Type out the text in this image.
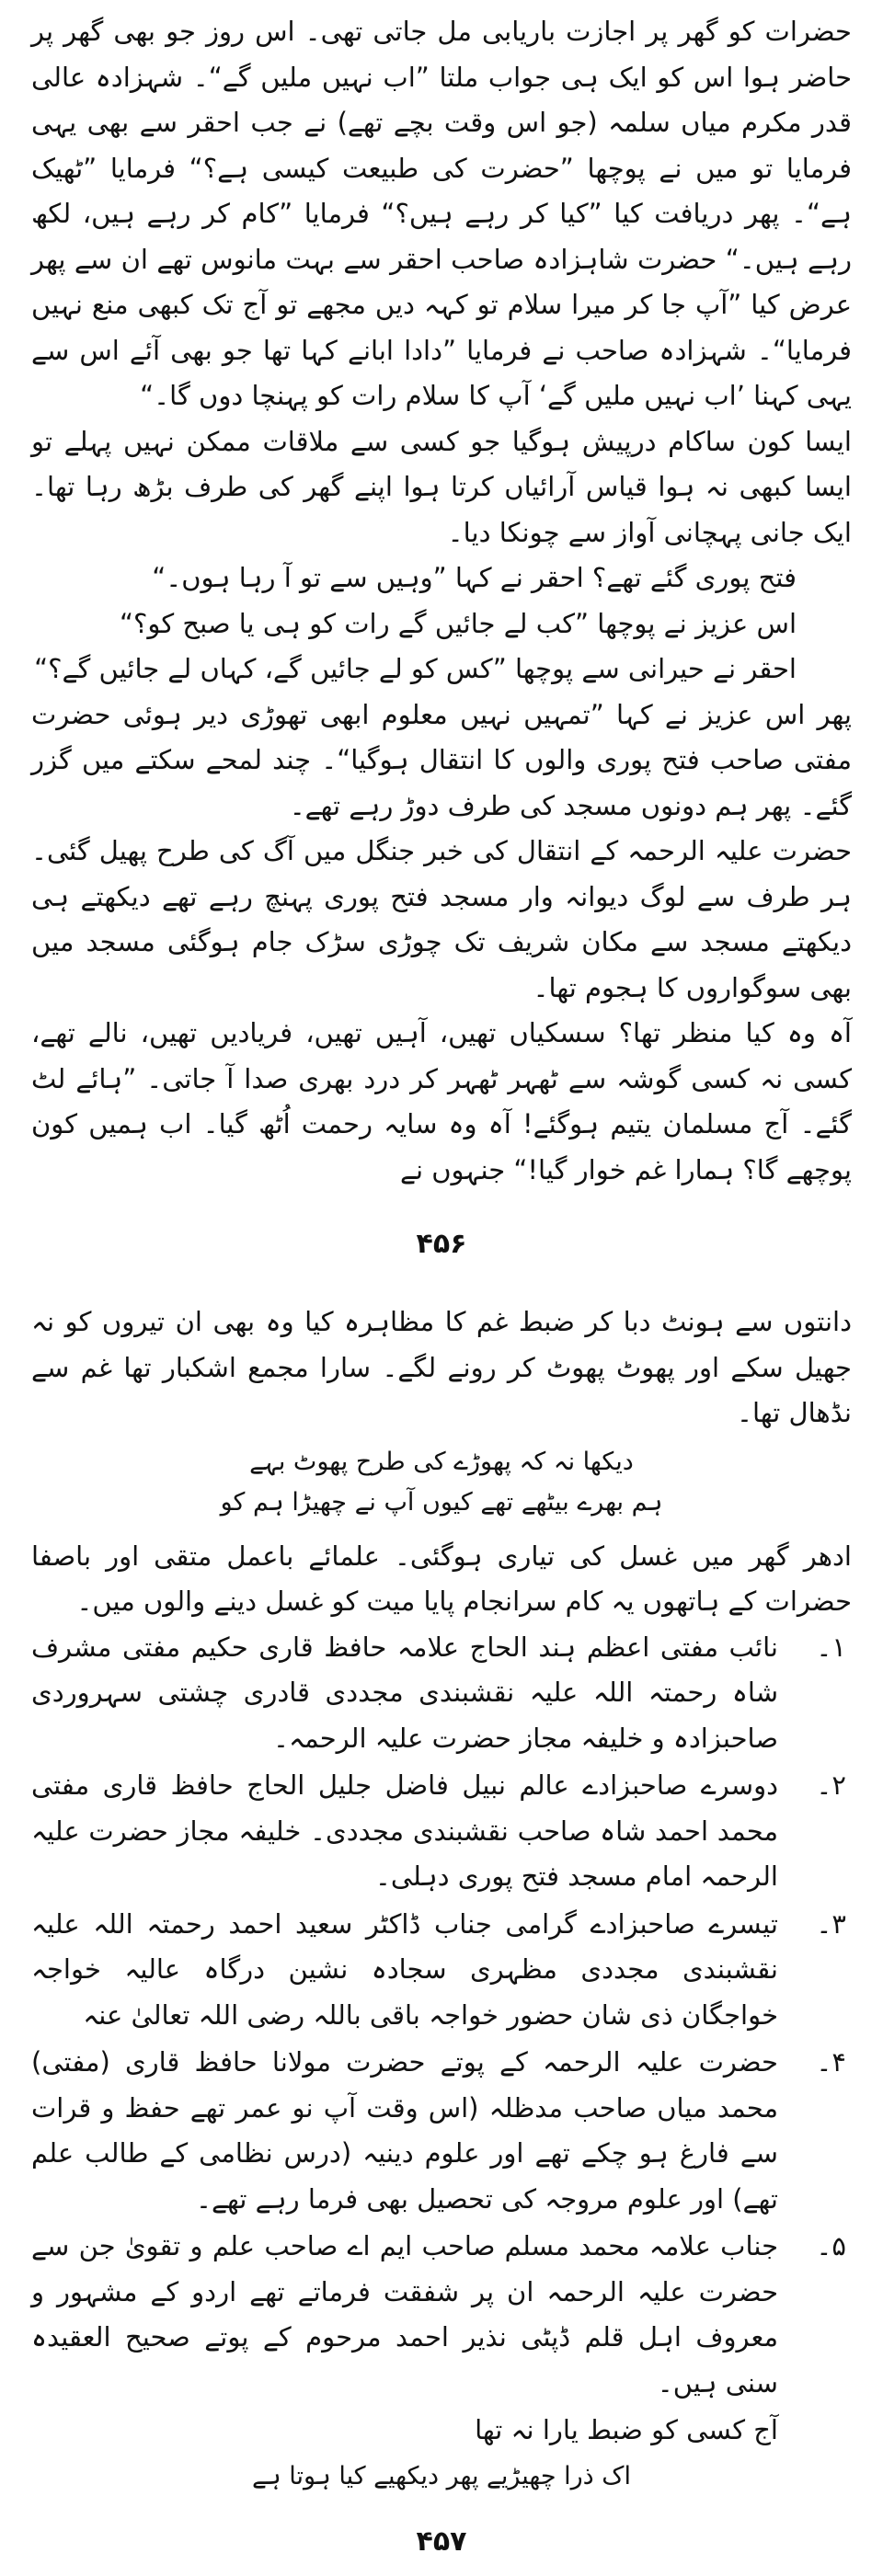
حضرات کو گھر پر اجازت باریابی مل جاتی تھی۔ اس روز جو بھی گھر پر حاضر ہوا اس کو ایک ہی جواب ملتا ”اب نہیں ملیں گے“۔ شہزادہ عالی قدر مکرم میاں سلمہ (جو اس وقت بچے تھے) نے جب احقر سے بھی یہی فرمایا تو میں نے پوچھا ”حضرت کی طبیعت کیسی ہے؟“ فرمایا ”ٹھیک ہے“۔ پھر دریافت کیا ”کیا کر رہے ہیں؟“ فرمایا ”کام کر رہے ہیں، لکھ رہے ہیں۔“ حضرت شاہزادہ صاحب احقر سے بہت مانوس تھے ان سے پھر عرض کیا ”آپ جا کر میرا سلام تو کہہ دیں مجھے تو آج تک کبھی منع نہیں فرمایا“۔ شہزادہ صاحب نے فرمایا ”دادا ابانے کہا تھا جو بھی آئے اس سے یہی کہنا ’اب نہیں ملیں گے‘ آپ کا سلام رات کو پہنچا دوں گا۔“

ایسا کون ساکام درپیش ہوگیا جو کسی سے ملاقات ممکن نہیں پہلے تو ایسا کبھی نہ ہوا قیاس آرائیاں کرتا ہوا اپنے گھر کی طرف بڑھ رہا تھا۔ ایک جانی پہچانی آواز سے چونکا دیا۔

فتح پوری گئے تھے؟ احقر نے کہا ”وہیں سے تو آ رہا ہوں۔“

اس عزیز نے پوچھا ”کب لے جائیں گے رات کو ہی یا صبح کو؟“

احقر نے حیرانی سے پوچھا ”کس کو لے جائیں گے، کہاں لے جائیں گے؟“

پھر اس عزیز نے کہا ”تمہیں نہیں معلوم ابھی تھوڑی دیر ہوئی حضرت مفتی صاحب فتح پوری والوں کا انتقال ہوگیا“۔ چند لمحے سکتے میں گزر گئے۔ پھر ہم دونوں مسجد کی طرف دوڑ رہے تھے۔

حضرت علیہ الرحمہ کے انتقال کی خبر جنگل میں آگ کی طرح پھیل گئی۔ ہر طرف سے لوگ دیوانہ وار مسجد فتح پوری پہنچ رہے تھے دیکھتے ہی دیکھتے مسجد سے مکان شریف تک چوڑی سڑک جام ہوگئی مسجد میں بھی سوگواروں کا ہجوم تھا۔

آہ وہ کیا منظر تھا؟ سسکیاں تھیں، آہیں تھیں، فریادیں تھیں، نالے تھے، کسی نہ کسی گوشہ سے ٹھہر ٹھہر کر درد بھری صدا آ جاتی۔ ”ہائے لٹ گئے۔ آج مسلمان یتیم ہوگئے! آہ وہ سایہ رحمت اُٹھ گیا۔ اب ہمیں کون پوچھے گا؟ ہمارا غم خوار گیا!“ جنہوں نے

۴۵۶

دانتوں سے ہونٹ دبا کر ضبط غم کا مظاہرہ کیا وہ بھی ان تیروں کو نہ جھیل سکے اور پھوٹ پھوٹ کر رونے لگے۔ سارا مجمع اشکبار تھا غم سے نڈھال تھا۔

دیکھا نہ کہ پھوڑے کی طرح پھوٹ بہے
ہم بھرے بیٹھے تھے کیوں آپ نے چھیڑا ہم کو

ادھر گھر میں غسل کی تیاری ہوگئی۔ علمائے باعمل متقی اور باصفا حضرات کے ہاتھوں یہ کام سرانجام پایا میت کو غسل دینے والوں میں۔

۱۔
نائب مفتی اعظم ہند الحاج علامہ حافظ قاری حکیم مفتی مشرف شاہ رحمتہ اللہ علیہ نقشبندی مجددی قادری چشتی سہروردی صاحبزادہ و خلیفہ مجاز حضرت علیہ الرحمہ۔
۲۔
دوسرے صاحبزادے عالم نبیل فاضل جلیل الحاج حافظ قاری مفتی محمد احمد شاہ صاحب نقشبندی مجددی۔ خلیفہ مجاز حضرت علیہ الرحمہ امام مسجد فتح پوری دہلی۔
۳۔
تیسرے صاحبزادے گرامی جناب ڈاکٹر سعید احمد رحمتہ اللہ علیہ نقشبندی مجددی مظہری سجادہ نشین درگاہ عالیہ خواجہ خواجگان ذی شان حضور خواجہ باقی باللہ رضی اللہ تعالیٰ عنہ
۴۔
حضرت علیہ الرحمہ کے پوتے حضرت مولانا حافظ قاری (مفتی) محمد میاں صاحب مدظلہ (اس وقت آپ نو عمر تھے حفظ و قرات سے فارغ ہو چکے تھے اور علوم دینیہ (درس نظامی کے طالب علم تھے) اور علوم مروجہ کی تحصیل بھی فرما رہے تھے۔
۵۔
جناب علامہ محمد مسلم صاحب ایم اے صاحب علم و تقویٰ جن سے حضرت علیہ الرحمہ ان پر شفقت فرماتے تھے اردو کے مشہور و معروف اہل قلم ڈپٹی نذیر احمد مرحوم کے پوتے صحیح العقیدہ سنی ہیں۔

آج کسی کو ضبط یارا نہ تھا

اک ذرا چھیڑیے پھر دیکھیے کیا ہوتا ہے
۴۵۷
